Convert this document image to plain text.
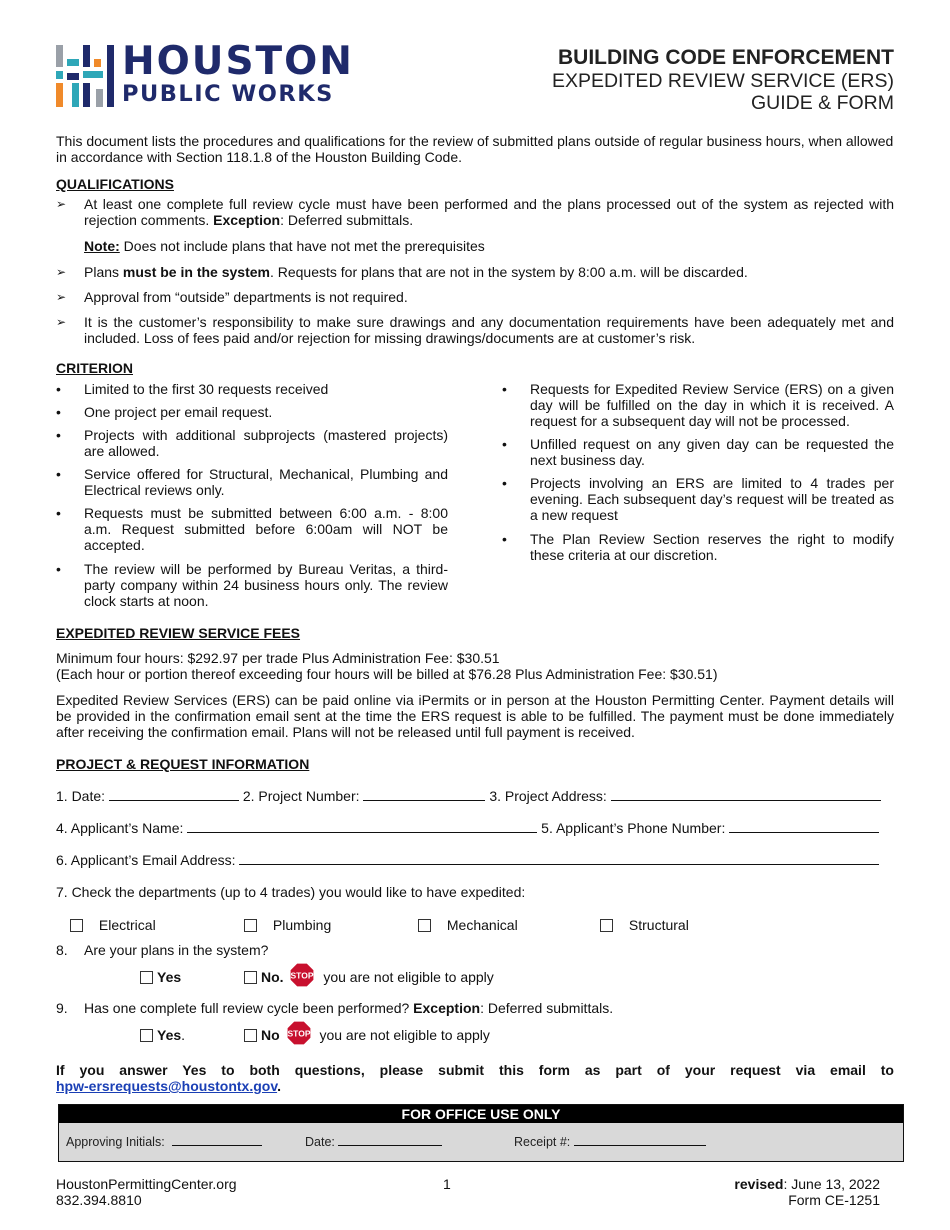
HOUSTON
PUBLIC WORKS
BUILDING CODE ENFORCEMENT
EXPEDITED REVIEW SERVICE (ERS)
GUIDE & FORM
This document lists the procedures and qualifications for the review of submitted plans outside of regular business hours, when allowed in accordance with Section 118.1.8 of the Houston Building Code.
QUALIFICATIONS
➢ At least one complete full review cycle must have been performed and the plans processed out of the system as rejected with rejection comments. Exception: Deferred submittals.
Note: Does not include plans that have not met the prerequisites
➢ Plans must be in the system. Requests for plans that are not in the system by 8:00 a.m. will be discarded.
➢ Approval from “outside” departments is not required.
➢ It is the customer’s responsibility to make sure drawings and any documentation requirements have been adequately met and included. Loss of fees paid and/or rejection for missing drawings/documents are at customer’s risk.
CRITERION
• Limited to the first 30 requests received
• One project per email request.
• Projects with additional subprojects (mastered projects) are allowed.
• Service offered for Structural, Mechanical, Plumbing and Electrical reviews only.
• Requests must be submitted between 6:00 a.m. - 8:00 a.m. Request submitted before 6:00am will NOT be accepted.
• The review will be performed by Bureau Veritas, a third-party company within 24 business hours only. The review clock starts at noon.
• Requests for Expedited Review Service (ERS) on a given day will be fulfilled on the day in which it is received. A request for a subsequent day will not be processed.
• Unfilled request on any given day can be requested the next business day.
• Projects involving an ERS are limited to 4 trades per evening. Each subsequent day’s request will be treated as a new request
• The Plan Review Section reserves the right to modify these criteria at our discretion.
EXPEDITED REVIEW SERVICE FEES
Minimum four hours: $292.97 per trade Plus Administration Fee: $30.51
(Each hour or portion thereof exceeding four hours will be billed at $76.28 Plus Administration Fee: $30.51)
Expedited Review Services (ERS) can be paid online via iPermits or in person at the Houston Permitting Center. Payment details will be provided in the confirmation email sent at the time the ERS request is able to be fulfilled. The payment must be done immediately after receiving the confirmation email. Plans will not be released until full payment is received.
PROJECT & REQUEST INFORMATION
1. Date:	2. Project Number:	3. Project Address:
4. Applicant’s Name:	5. Applicant’s Phone Number:
6. Applicant’s Email Address:
7. Check the departments (up to 4 trades) you would like to have expedited:
Electrical	Plumbing	Mechanical	Structural
8. Are your plans in the system?
Yes	No. STOP you are not eligible to apply
9. Has one complete full review cycle been performed? Exception: Deferred submittals.
Yes.	No STOP you are not eligible to apply
If you answer Yes to both questions, please submit this form as part of your request via email to
hpw-ersrequests@houstontx.gov.
FOR OFFICE USE ONLY
Approving Initials:	Date:	Receipt #:
HoustonPermittingCenter.org
832.394.8810
1	revised: June 13, 2022
Form CE-1251
